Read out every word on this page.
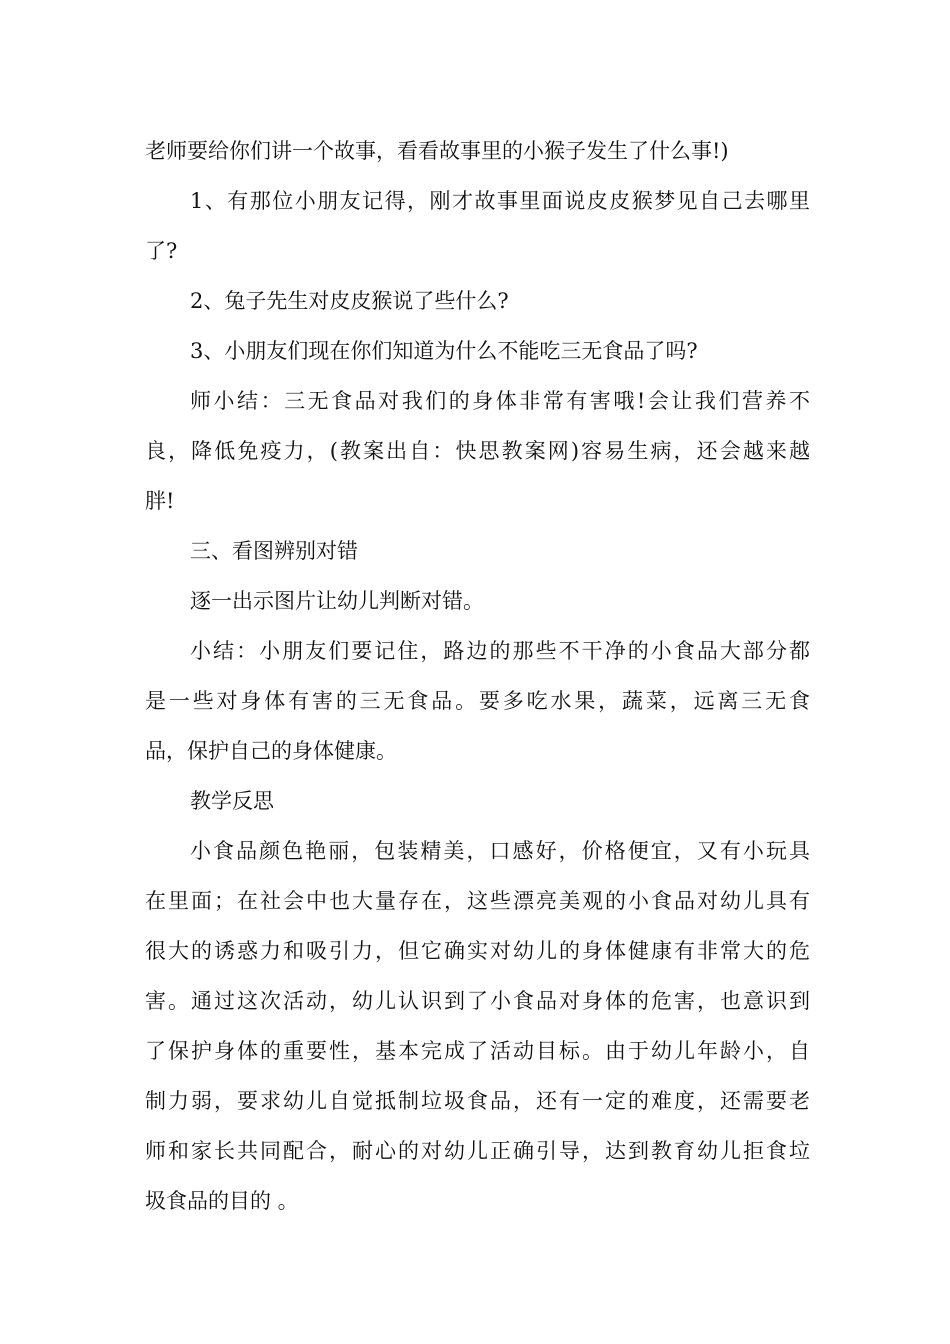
老师要给你们讲一个故事，看看故事里的小猴子发生了什么事!)

1、有那位小朋友记得，刚才故事里面说皮皮猴梦见自己去哪里

了?

2、兔子先生对皮皮猴说了些什么?

3、小朋友们现在你们知道为什么不能吃三无食品了吗?

师小结：三无食品对我们的身体非常有害哦!会让我们营养不

良，降低免疫力，(教案出自：快思教案网)容易生病，还会越来越

胖!

三、看图辨别对错

逐一出示图片让幼儿判断对错。

小结：小朋友们要记住，路边的那些不干净的小食品大部分都

是一些对身体有害的三无食品。要多吃水果，蔬菜，远离三无食

品，保护自己的身体健康。

教学反思

小食品颜色艳丽，包装精美，口感好，价格便宜，又有小玩具

在里面；在社会中也大量存在，这些漂亮美观的小食品对幼儿具有

很大的诱惑力和吸引力，但它确实对幼儿的身体健康有非常大的危

害。通过这次活动，幼儿认识到了小食品对身体的危害，也意识到

了保护身体的重要性，基本完成了活动目标。由于幼儿年龄小，自

制力弱，要求幼儿自觉抵制垃圾食品，还有一定的难度，还需要老

师和家长共同配合，耐心的对幼儿正确引导，达到教育幼儿拒食垃

圾食品的目的 。
